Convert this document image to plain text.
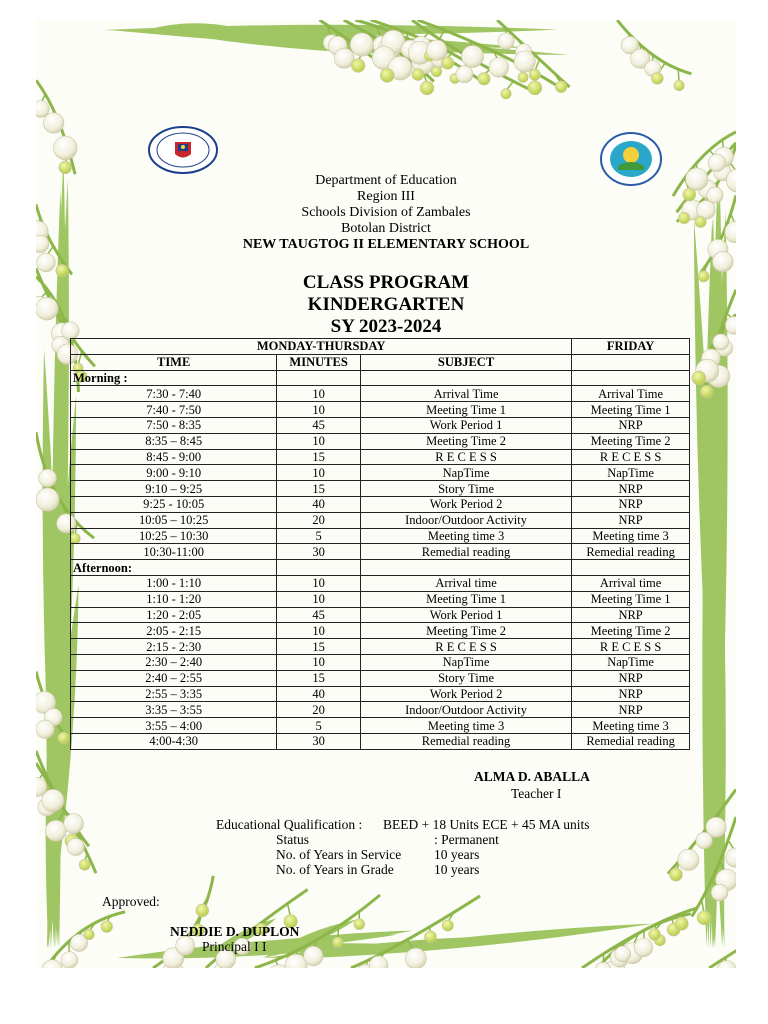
Department of Education
Region III
Schools Division of Zambales
Botolan District
NEW TAUGTOG II ELEMENTARY SCHOOL
CLASS PROGRAM
KINDERGARTEN
SY 2023-2024
MONDAY-THURSDAY			FRIDAY
TIME	MINUTES	SUBJECT	
Morning :			
7:30 - 7:40	10	Arrival Time	Arrival Time
7:40 - 7:50	10	Meeting Time 1	Meeting Time 1
7:50 - 8:35	45	Work Period 1	NRP
8:35 – 8:45	10	Meeting Time 2	Meeting Time 2
8:45 - 9:00	15	R E C E S S	R E C E S S
9:00 - 9:10	10	NapTime	NapTime
9:10 – 9:25	15	Story Time	NRP
9:25 - 10:05	40	Work Period 2	NRP
10:05 – 10:25	20	Indoor/Outdoor Activity	NRP
10:25 – 10:30	5	Meeting time 3	Meeting time 3
10:30-11:00	30	Remedial reading	Remedial reading
Afternoon:			
1:00 - 1:10	10	Arrival time	Arrival time
1:10 - 1:20	10	Meeting Time 1	Meeting Time 1
1:20 - 2:05	45	Work Period 1	NRP
2:05 - 2:15	10	Meeting Time 2	Meeting Time 2
2:15 - 2:30	15	R E C E S S	R E C E S S
2:30 – 2:40	10	NapTime	NapTime
2:40 – 2:55	15	Story Time	NRP
2:55 – 3:35	40	Work Period 2	NRP
3:35 – 3:55	20	Indoor/Outdoor Activity	NRP
3:55 – 4:00	5	Meeting time 3	Meeting time 3
4:00-4:30	30	Remedial reading	Remedial reading
ALMA D. ABALLA
Teacher I
Educational Qualification : BEED + 18 Units ECE + 45 MA units
Status	: Permanent
No. of Years in Service 10 years
No. of Years in Grade	10 years
Approved:
NEDDIE D. DUPLON
Principal I I
